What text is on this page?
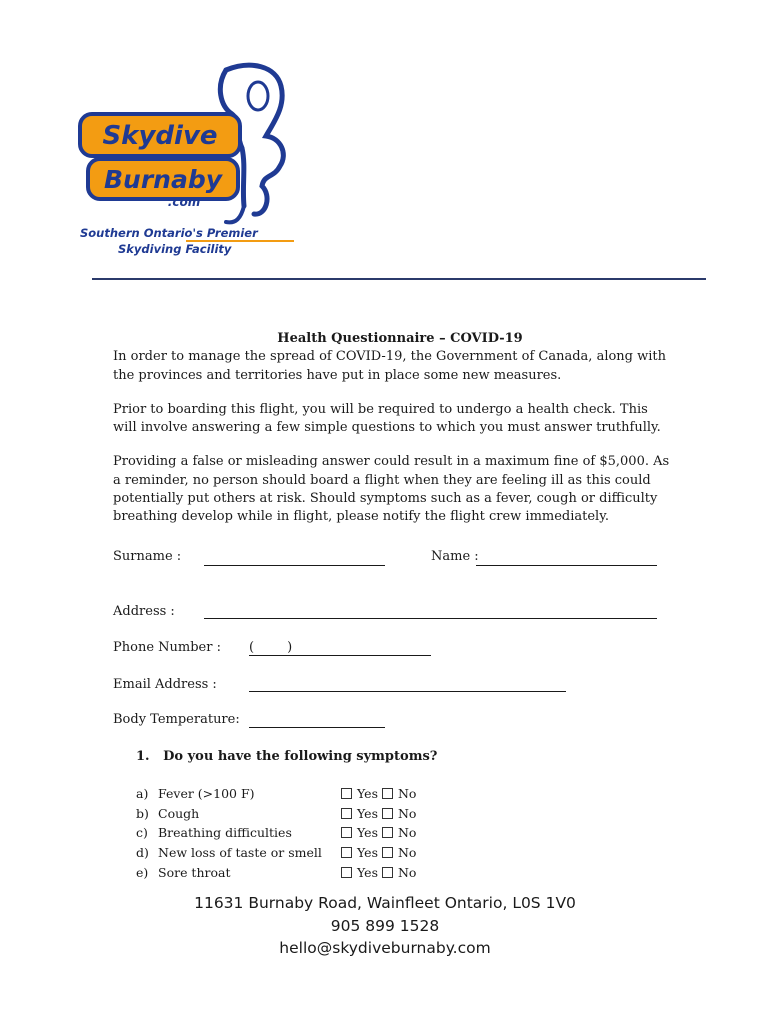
Skydive
Burnaby
.com
Southern Ontario's Premier
Skydiving Facility
Health Questionnaire – COVID-19

In order to manage the spread of COVID-19, the Government of Canada, along with the provinces and territories have put in place some new measures.

Prior to boarding this flight, you will be required to undergo a health check. This will involve answering a few simple questions to which you must answer truthfully.

Providing a false or misleading answer could result in a maximum fine of $5,000. As a reminder, no person should board a flight when they are feeling ill as this could potentially put others at risk. Should symptoms such as a fever, cough or difficulty breathing develop while in flight, please notify the flight crew immediately.

Surname :	Name :
Address :
Phone Number : (        )
Email Address :
Body Temperature:
1.   Do you have the following symptoms?
a) Fever (>100 F)
b) Cough
c) Breathing difficulties
d) New loss of taste or smell
e) Sore throat
Yes No
Yes No
Yes No
Yes No
Yes No
11631 Burnaby Road, Wainfleet Ontario, L0S 1V0
905 899 1528
hello@skydiveburnaby.com
